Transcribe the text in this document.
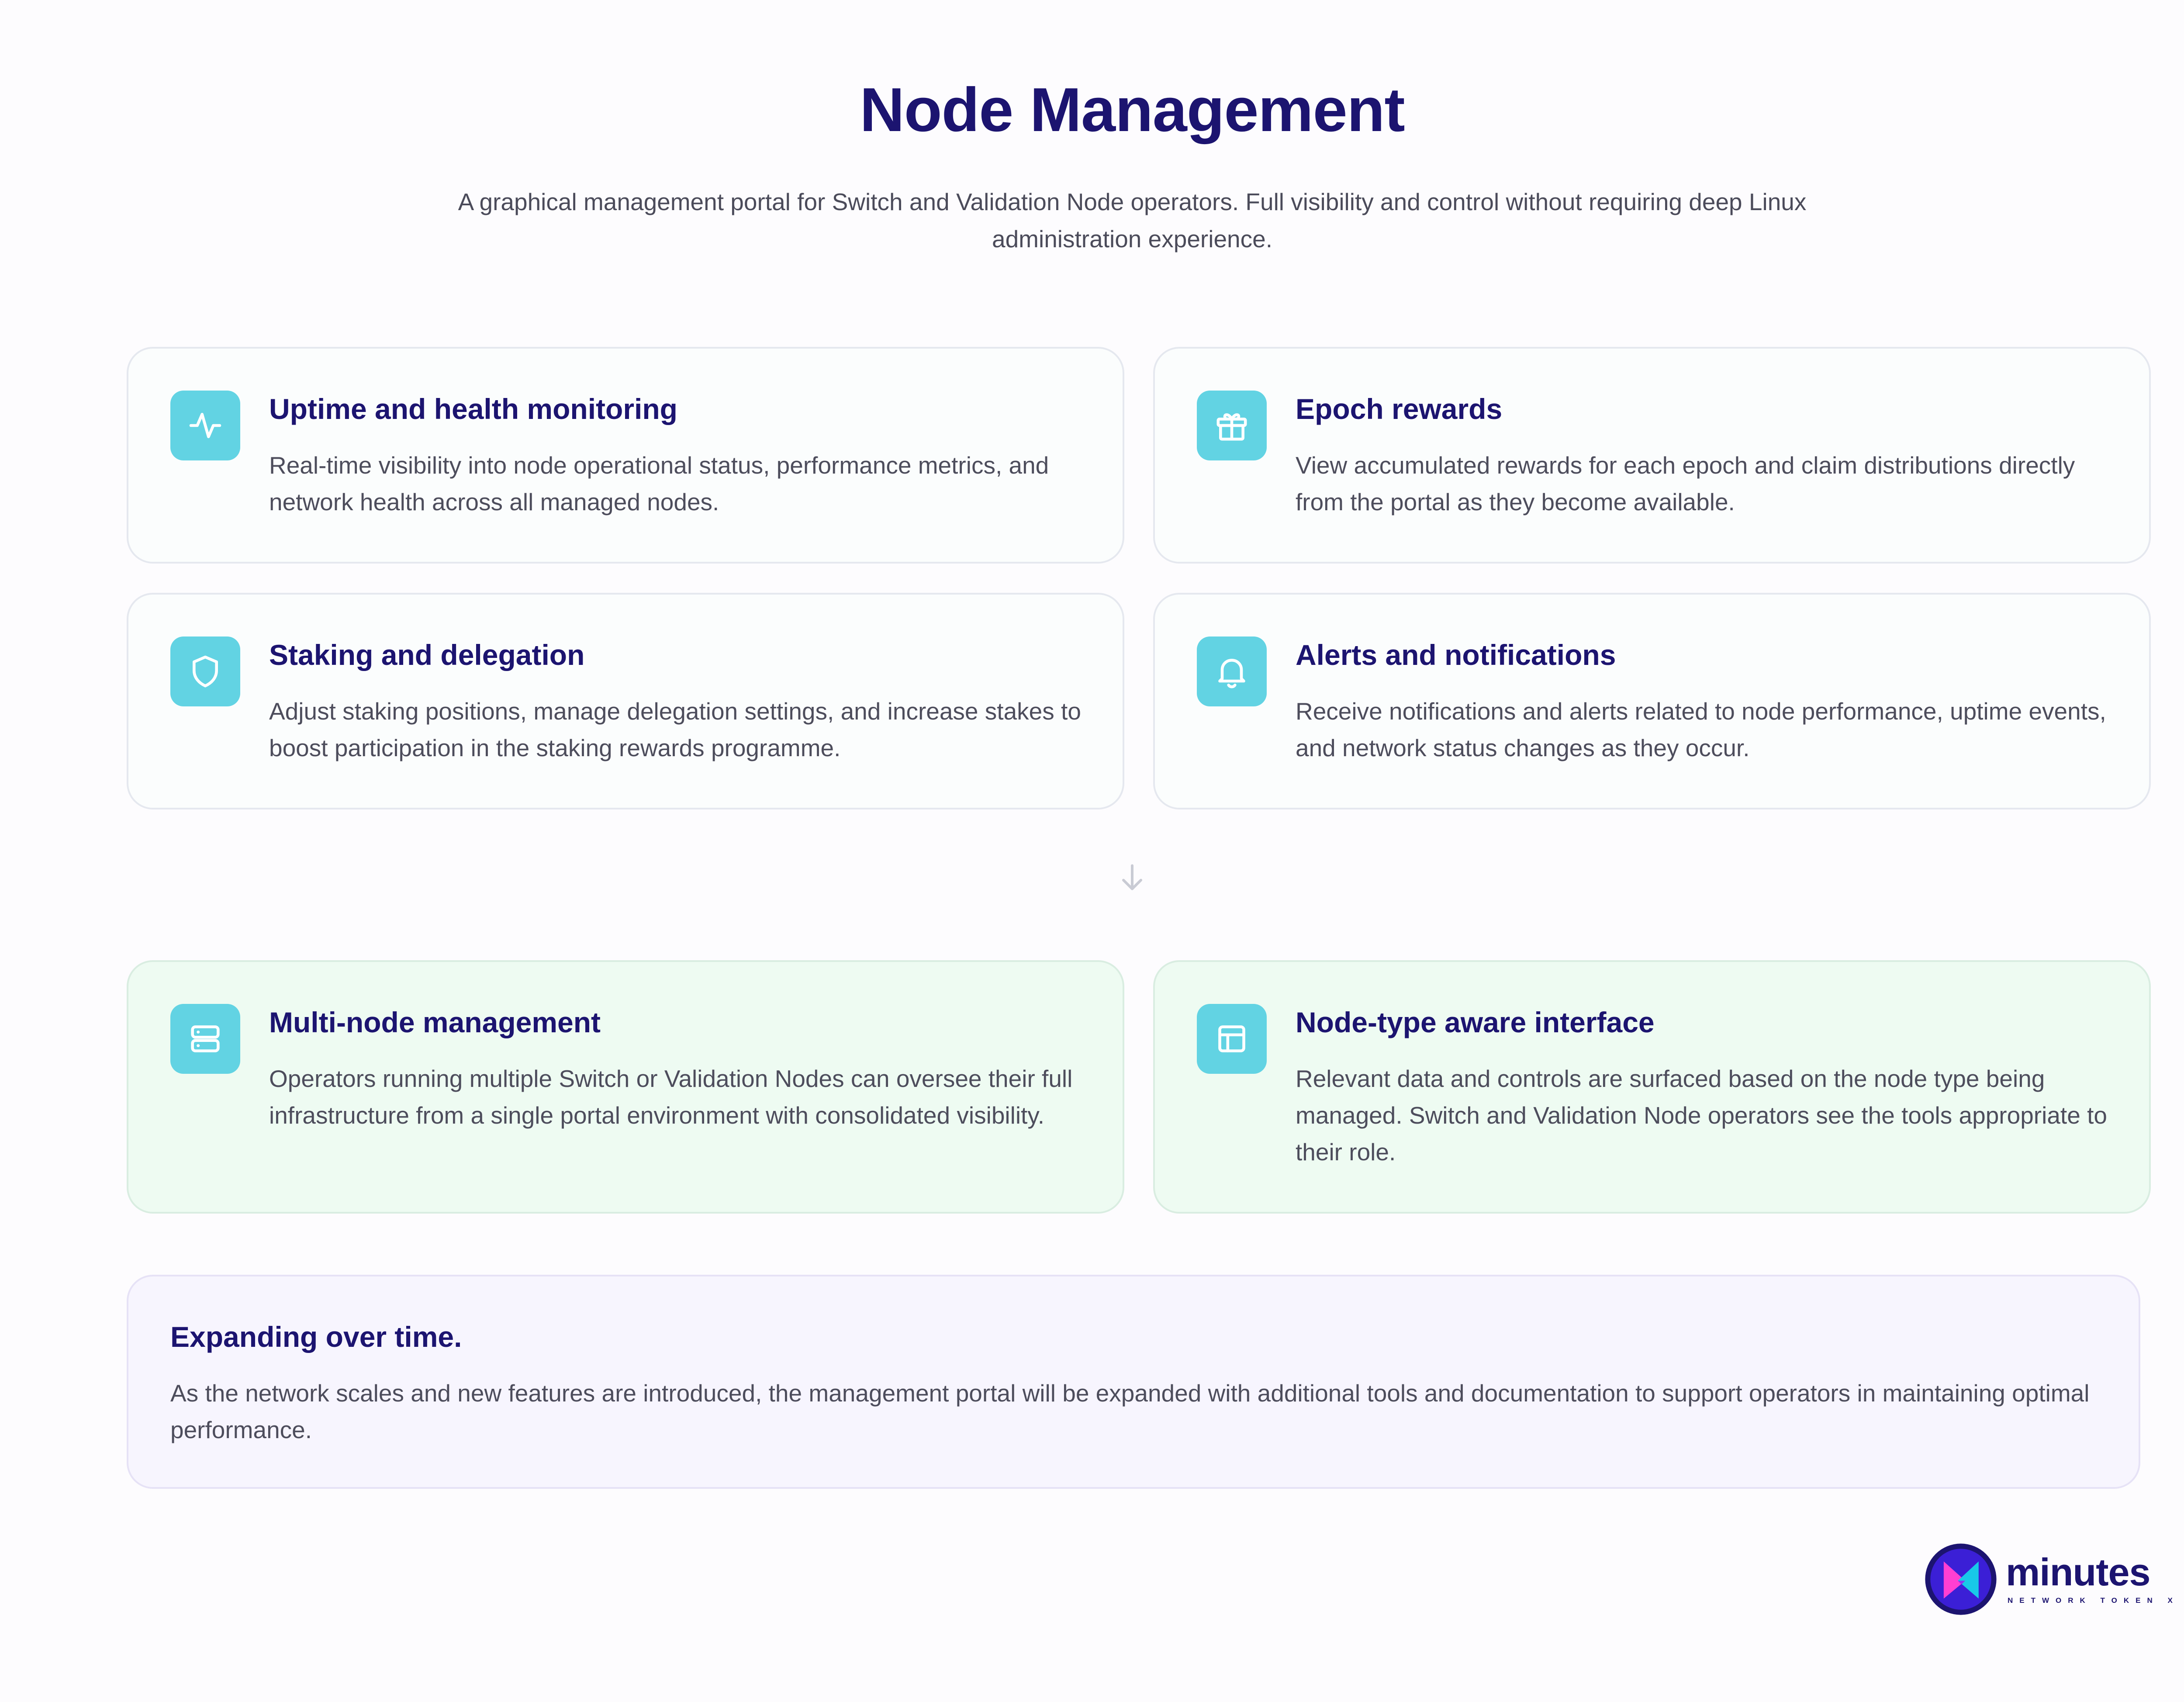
Node Management

A graphical management portal for Switch and Validation Node operators. Full visibility and control without requiring deep Linux administration experience.

Uptime and health monitoring

Real-time visibility into node operational status, performance metrics, and network health across all managed nodes.

Epoch rewards

View accumulated rewards for each epoch and claim distributions directly from the portal as they become available.

Staking and delegation

Adjust staking positions, manage delegation settings, and increase stakes to boost participation in the staking rewards programme.

Alerts and notifications

Receive notifications and alerts related to node performance, uptime events, and network status changes as they occur.

Multi-node management

Operators running multiple Switch or Validation Nodes can oversee their full infrastructure from a single portal environment with consolidated visibility.

Node-type aware interface

Relevant data and controls are surfaced based on the node type being managed. Switch and Validation Node operators see the tools appropriate to their role.

Expanding over time.

As the network scales and new features are introduced, the management portal will be expanded with additional tools and documentation to support operators in maintaining optimal performance.

minutes
NETWORK TOKEN X
